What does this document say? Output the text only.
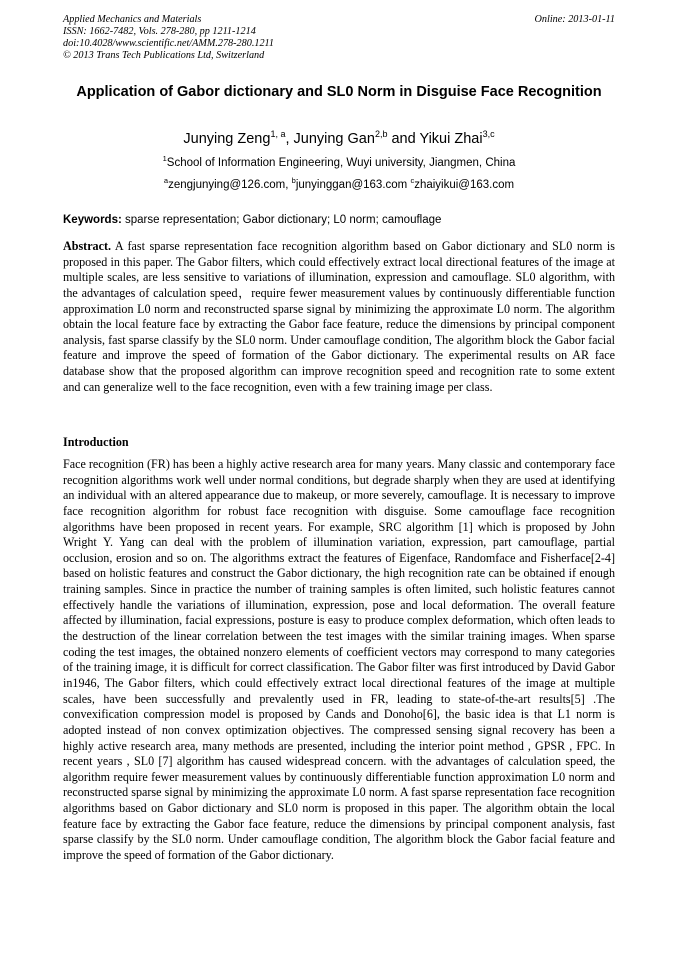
Applied Mechanics and Materials
ISSN: 1662-7482, Vols. 278-280, pp 1211-1214
doi:10.4028/www.scientific.net/AMM.278-280.1211
© 2013 Trans Tech Publications Ltd, Switzerland
Online: 2013-01-11
Application of Gabor dictionary and SL0 Norm in Disguise Face Recognition
Junying Zeng$^{1, a}$, Junying Gan$^{2,b}$ and Yikui Zhai$^{3,c}$
$^1$School of Information Engineering, Wuyi university, Jiangmen, China
$^a$zengjunying@126.com, $^b$junyinggan@163.com $^c$zhaiyikui@163.com
Keywords: sparse representation; Gabor dictionary; L0 norm; camouflage
Abstract. A fast sparse representation face recognition algorithm based on Gabor dictionary and SL0 norm is proposed in this paper. The Gabor filters, which could effectively extract local directional features of the image at multiple scales, are less sensitive to variations of illumination, expression and camouflage. SL0 algorithm, with the advantages of calculation speed，require fewer measurement values by continuously differentiable function approximation L0 norm and reconstructed sparse signal by minimizing the approximate L0 norm. The algorithm obtain the local feature face by extracting the Gabor face feature, reduce the dimensions by principal component analysis, fast sparse classify by the SL0 norm. Under camouflage condition, The algorithm block the Gabor facial feature and improve the speed of formation of the Gabor dictionary. The experimental results on AR face database show that the proposed algorithm can improve recognition speed and recognition rate to some extent and can generalize well to the face recognition, even with a few training image per class.
Introduction
Face recognition (FR) has been a highly active research area for many years. Many classic and contemporary face recognition algorithms work well under normal conditions, but degrade sharply when they are used at identifying an individual with an altered appearance due to makeup, or more severely, camouflage. It is necessary to improve face recognition algorithm for robust face recognition with disguise. Some camouflage face recognition algorithms have been proposed in recent years. For example, SRC algorithm [1] which is proposed by John Wright Y. Yang can deal with the problem of illumination variation, expression, part camouflage, partial occlusion, erosion and so on. The algorithms extract the features of Eigenface, Randomface and Fisherface[2-4] based on holistic features and construct the Gabor dictionary, the high recognition rate can be obtained if enough training samples. Since in practice the number of training samples is often limited, such holistic features cannot effectively handle the variations of illumination, expression, pose and local deformation. The overall feature affected by illumination, facial expressions, posture is easy to produce complex deformation, which often leads to the destruction of the linear correlation between the test images with the similar training images. When sparse coding the test images, the obtained nonzero elements of coefficient vectors may correspond to many categories of the training image, it is difficult for correct classification. The Gabor filter was first introduced by David Gabor in1946, The Gabor filters, which could effectively extract local directional features of the image at multiple scales, have been successfully and prevalently used in FR, leading to state-of-the-art results[5] .The convexification compression model is proposed by Cands and Donoho[6], the basic idea is that L1 norm is adopted instead of non convex optimization objectives. The compressed sensing signal recovery has been a highly active research area, many methods are presented, including the interior point method , GPSR , FPC. In recent years , SL0 [7] algorithm has caused widespread concern. with the advantages of calculation speed, the algorithm require fewer measurement values by continuously differentiable function approximation L0 norm and reconstructed sparse signal by minimizing the approximate L0 norm. A fast sparse representation face recognition algorithms based on Gabor dictionary and SL0 norm is proposed in this paper. The algorithm obtain the local feature face by extracting the Gabor face feature, reduce the dimensions by principal component analysis, fast sparse classify by the SL0 norm. Under camouflage condition, The algorithm block the Gabor facial feature and improve the speed of formation of the Gabor dictionary.
